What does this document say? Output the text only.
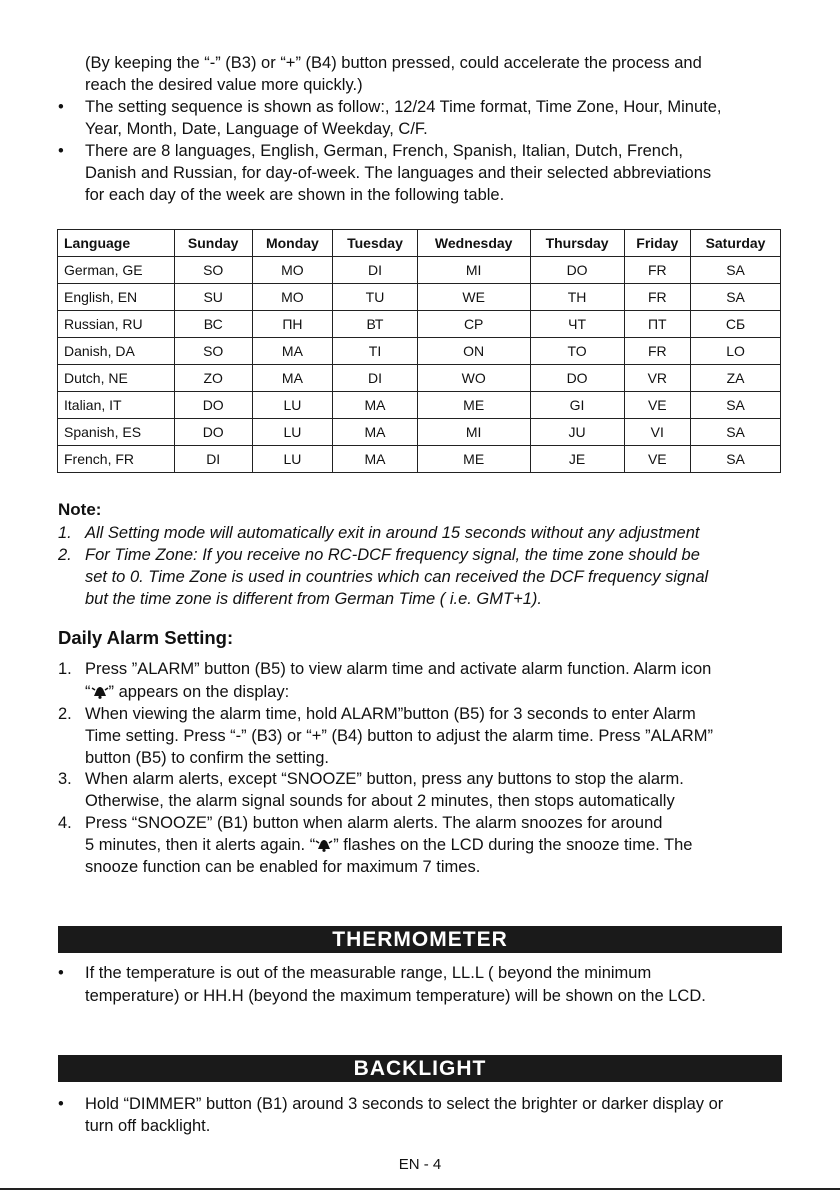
(By keeping the “-” (B3) or “+” (B4) button pressed, could accelerate the process and

reach the desired value more quickly.)

• The setting sequence is shown as follow:, 12/24 Time format, Time Zone, Hour, Minute,

Year, Month, Date, Language of Weekday, C/F.

• There are 8 languages, English, German, French, Spanish, Italian, Dutch, French,

Danish and Russian, for day-of-week. The languages and their selected abbreviations

for each day of the week are shown in the following table.

Language	Sunday	Monday	Tuesday	Wednesday	Thursday	Friday	Saturday
German, GE	SO	MO	DI	MI	DO	FR	SA
English, EN	SU	MO	TU	WE	TH	FR	SA
Russian, RU	ВС	ПН	ВТ	СР	ЧТ	ПТ	СБ
Danish, DA	SO	MA	TI	ON	TO	FR	LO
Dutch, NE	ZO	MA	DI	WO	DO	VR	ZA
Italian, IT	DO	LU	MA	ME	GI	VE	SA
Spanish, ES	DO	LU	MA	MI	JU	VI	SA
French, FR	DI	LU	MA	ME	JE	VE	SA
Note:
1. All Setting mode will automatically exit in around 15 seconds without any adjustment

2. For Time Zone: If you receive no RC-DCF frequency signal, the time zone should be

set to 0. Time Zone is used in countries which can received the DCF frequency signal

but the time zone is different from German Time ( i.e. GMT+1).

Daily Alarm Setting:
1. Press ”ALARM” button (B5) to view alarm time and activate alarm function. Alarm icon

“ ” appears on the display:

2. When viewing the alarm time, hold ALARM”button (B5) for 3 seconds to enter Alarm

Time setting. Press “-” (B3) or “+” (B4) button to adjust the alarm time. Press ”ALARM”

button (B5) to confirm the setting.

3. When alarm alerts, except “SNOOZE” button, press any buttons to stop the alarm.

Otherwise, the alarm signal sounds for about 2 minutes, then stops automatically

4. Press “SNOOZE” (B1) button when alarm alerts. The alarm snoozes for around

5 minutes, then it alerts again. “ ” flashes on the LCD during the snooze time. The

snooze function can be enabled for maximum 7 times.

THERMOMETER
• If the temperature is out of the measurable range, LL.L ( beyond the minimum

temperature) or HH.H (beyond the maximum temperature) will be shown on the LCD.

BACKLIGHT
• Hold “DIMMER” button (B1) around 3 seconds to select the brighter or darker display or

turn off backlight.

EN - 4
